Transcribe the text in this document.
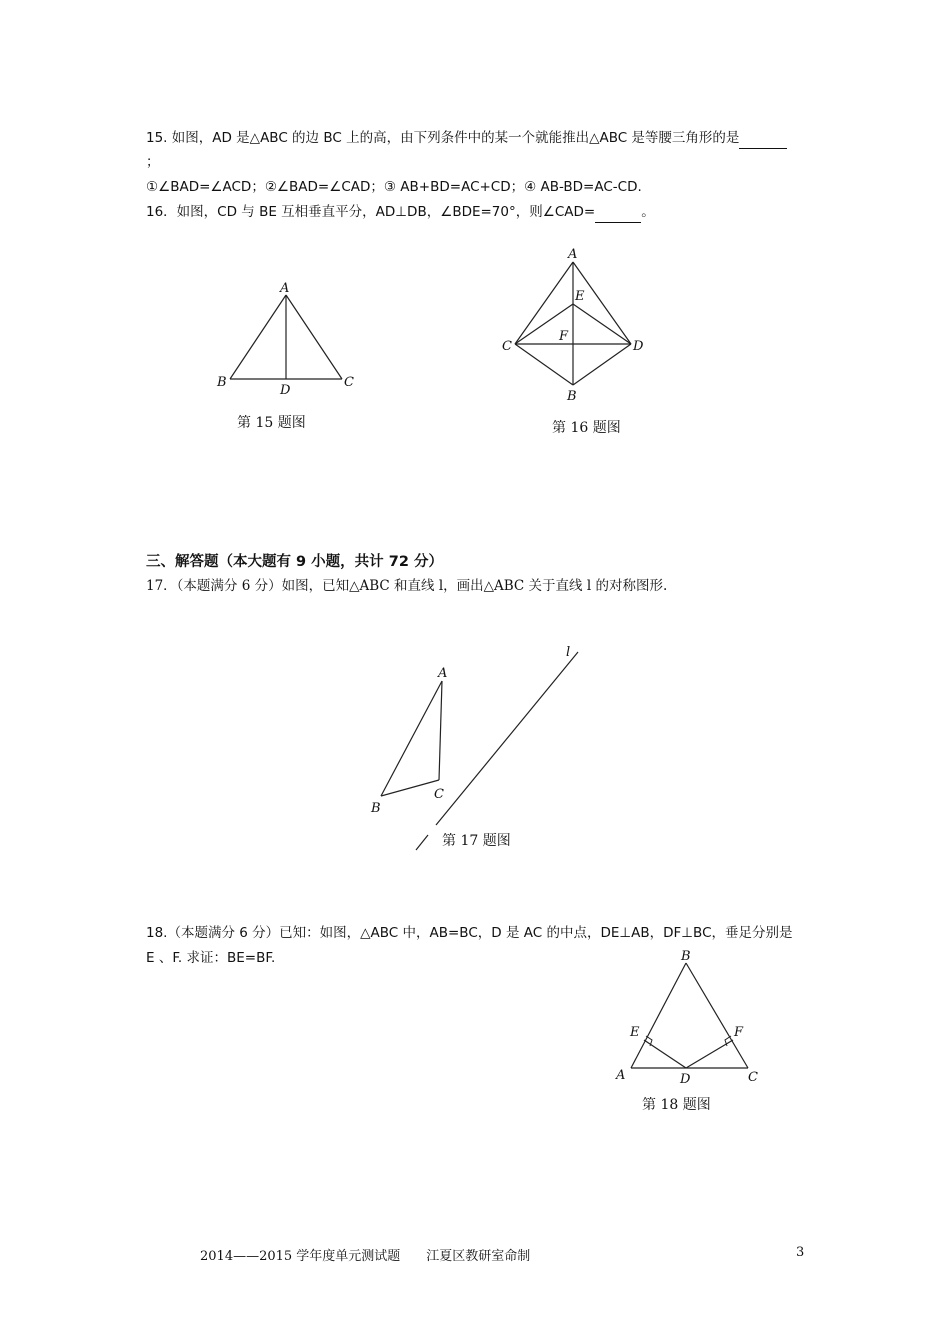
15. 如图，AD 是△ABC 的边 BC 上的高，由下列条件中的某一个就能推出△ABC 是等腰三角形的是
；
①∠BAD=∠ACD；②∠BAD=∠CAD；③ AB+BD=AC+CD；④ AB-BD=AC-CD.
16．如图，CD 与 BE 互相垂直平分，AD⊥DB，∠BDE=70°，则∠CAD=	。
A
B	C
D
第 15 题图
A
E
F
C	D
B
第 16 题图
三、解答题（本大题有 9 小题，共计 72 分）
17．（本题满分 6 分）如图，已知△ABC 和直线 l，画出△ABC 关于直线 l 的对称图形.
A
B
C
l
第 17 题图
18.（本题满分 6 分）已知：如图，△ABC 中，AB=BC，D 是 AC 的中点，DE⊥AB，DF⊥BC，垂足分别是
E 、F. 求证：BE=BF.	B
E	F
A	D	C
第 18 题图
2014——2015 学年度单元测试题　　江夏区教研室命制	3
